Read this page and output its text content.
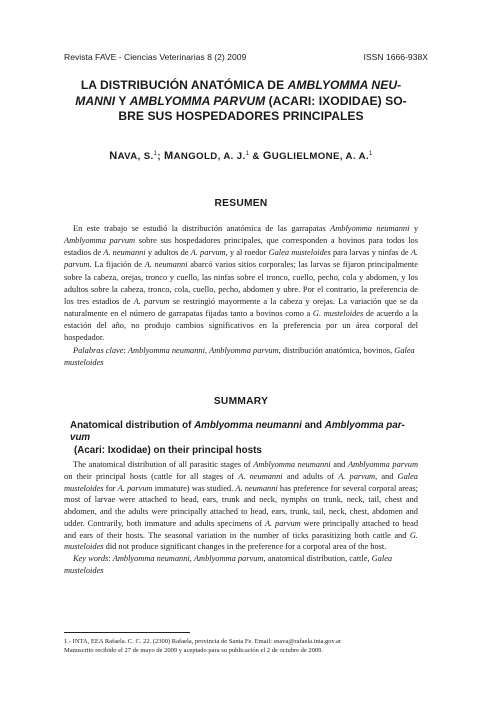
Revista FAVE - Ciencias Veterinarias 8 (2) 2009	ISSN 1666-938X
LA DISTRIBUCIÓN ANATÓMICA DE AMBLYOMMA NEU-
MANNI Y AMBLYOMMA PARVUM (ACARI: IXODIDAE) SO-
BRE SUS HOSPEDADORES PRINCIPALES
NAVA, S.$^1$; MANGOLD, A. J.$^1$ & GUGLIELMONE, A. A.$^1$
RESUMEN

En este trabajo se estudió la distribución anatómica de las garrapatas Amblyomma neumanni y Amblyomma parvum sobre sus hospedadores principales, que corresponden a bovinos para todos los estadios de A. neumanni y adultos de A. parvum, y al roedor Galea musteloides para larvas y ninfas de A. parvum. La fijación de A. neumanni abarcó varios sitios corporales; las larvas se fijaron principalmente sobre la cabeza, orejas, tronco y cuello, las ninfas sobre el tronco, cuello, pecho, cola y abdomen, y los adultos sobre la cabeza, tronco, cola, cuello, pecho, abdomen y ubre. Por el contrario, la preferencia de los tres estadios de A. parvum se restringió mayormente a la cabeza y orejas. La variación que se da naturalmente en el número de garrapatas fijadas tanto a bovinos como a G. musteloides de acuerdo a la estación del año, no produjo cambios significativos en la preferencia por un área corporal del hospedador.

Palabras clave: Amblyomma neumanni, Amblyomma parvum, distribución anatómica, bovinos, Galea musteloides

SUMMARY
Anatomical distribution of Amblyomma neumanni and Amblyomma par-vum
(Acari: Ixodidae) on their principal hosts

The anatomical distribution of all parasitic stages of Amblyomma neumanni and Amblyomma parvum on their principal hosts (cattle for all stages of A. neumanni and adults of A. parvum, and Galea musteloides for A. parvum immature) was studied. A. neumanni has preference for several corporal areas; most of larvae were attached to head, ears, trunk and neck, nymphs on trunk, neck, tail, chest and abdomen, and the adults were principally attached to head, ears, trunk, tail, neck, chest, abdomen and udder. Contrarily, both immature and adults specimens of A. parvum were principally attached to head and ears of their hosts. The seasonal variation in the number of ticks parasitizing both cattle and G. musteloides did not produce significant changes in the preference for a corporal area of the host.

Key words: Amblyomma neumanni, Amblyomma parvum, anatomical distribution, cattle, Galea musteloides

1.- INTA, EEA Rafaela. C. C. 22. (2300) Rafaela, provincia de Santa Fe. Email: snava@rafaela.inta.gov.ar
Manuscrito recibido el 27 de mayo de 2009 y aceptado para su publicación el 2 de octubre de 2009.
